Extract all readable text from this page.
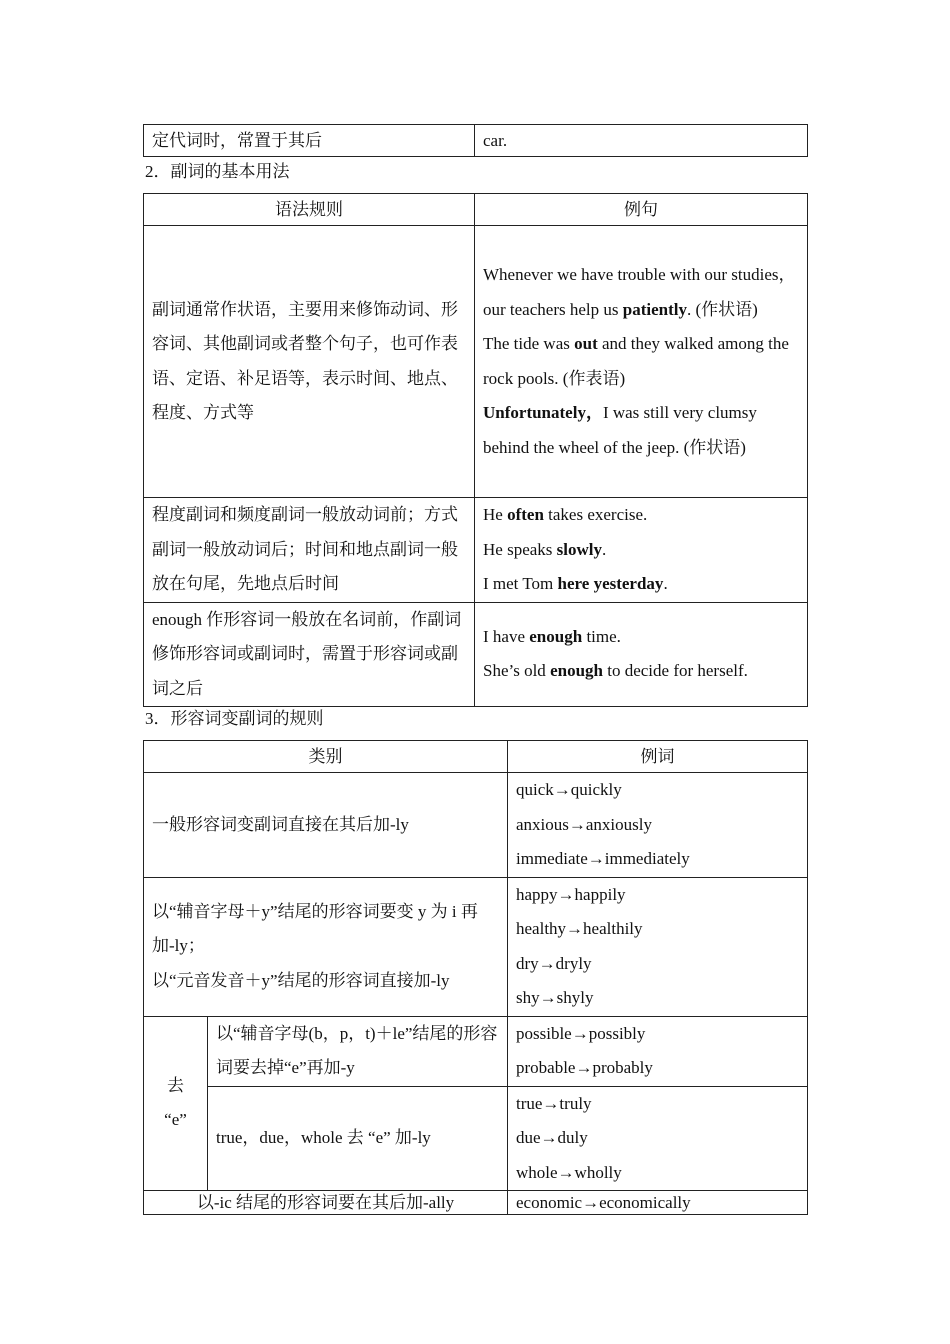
定代词时，常置于其后	car.
2．副词的基本用法
语法规则	例句
副词通常作状语，主要用来修饰动词、形容词、其他副词或者整个句子，也可作表语、定语、补足语等，表示时间、地点、程度、方式等	Whenever we have trouble with our studies，our teachers help us patiently. (作状语)
The tide was out and they walked among the rock pools. (作表语)
Unfortunately，I was still very clumsy behind the wheel of the jeep. (作状语)

程度副词和频度副词一般放动词前；方式副词一般放动词后；时间和地点副词一般放在句尾，先地点后时间	He often takes exercise.
He speaks slowly.
I met Tom here yesterday.

enough 作形容词一般放在名词前，作副词修饰形容词或副词时，需置于形容词或副词之后	I have enough time.
She’s old enough to decide for herself.
3．形容词变副词的规则
类别		例词
一般形容词变副词直接在其后加-ly		quick→quickly
anxious→anxiously
immediate→immediately

以“辅音字母＋y”结尾的形容词要变 y 为 i 再加-ly；
以“元音发音＋y”结尾的形容词直接加-ly		happy→happily
healthy→healthily
dry→dryly
shy→shyly

去
“e”	以“辅音字母(b，p，t)＋le”结尾的形容词要去掉“e”再加-y	possible→possibly
probable→probably

	true，due，whole 去 “e” 加-ly	true→truly
due→duly
whole→wholly

以-ic 结尾的形容词要在其后加-ally		economic→economically
